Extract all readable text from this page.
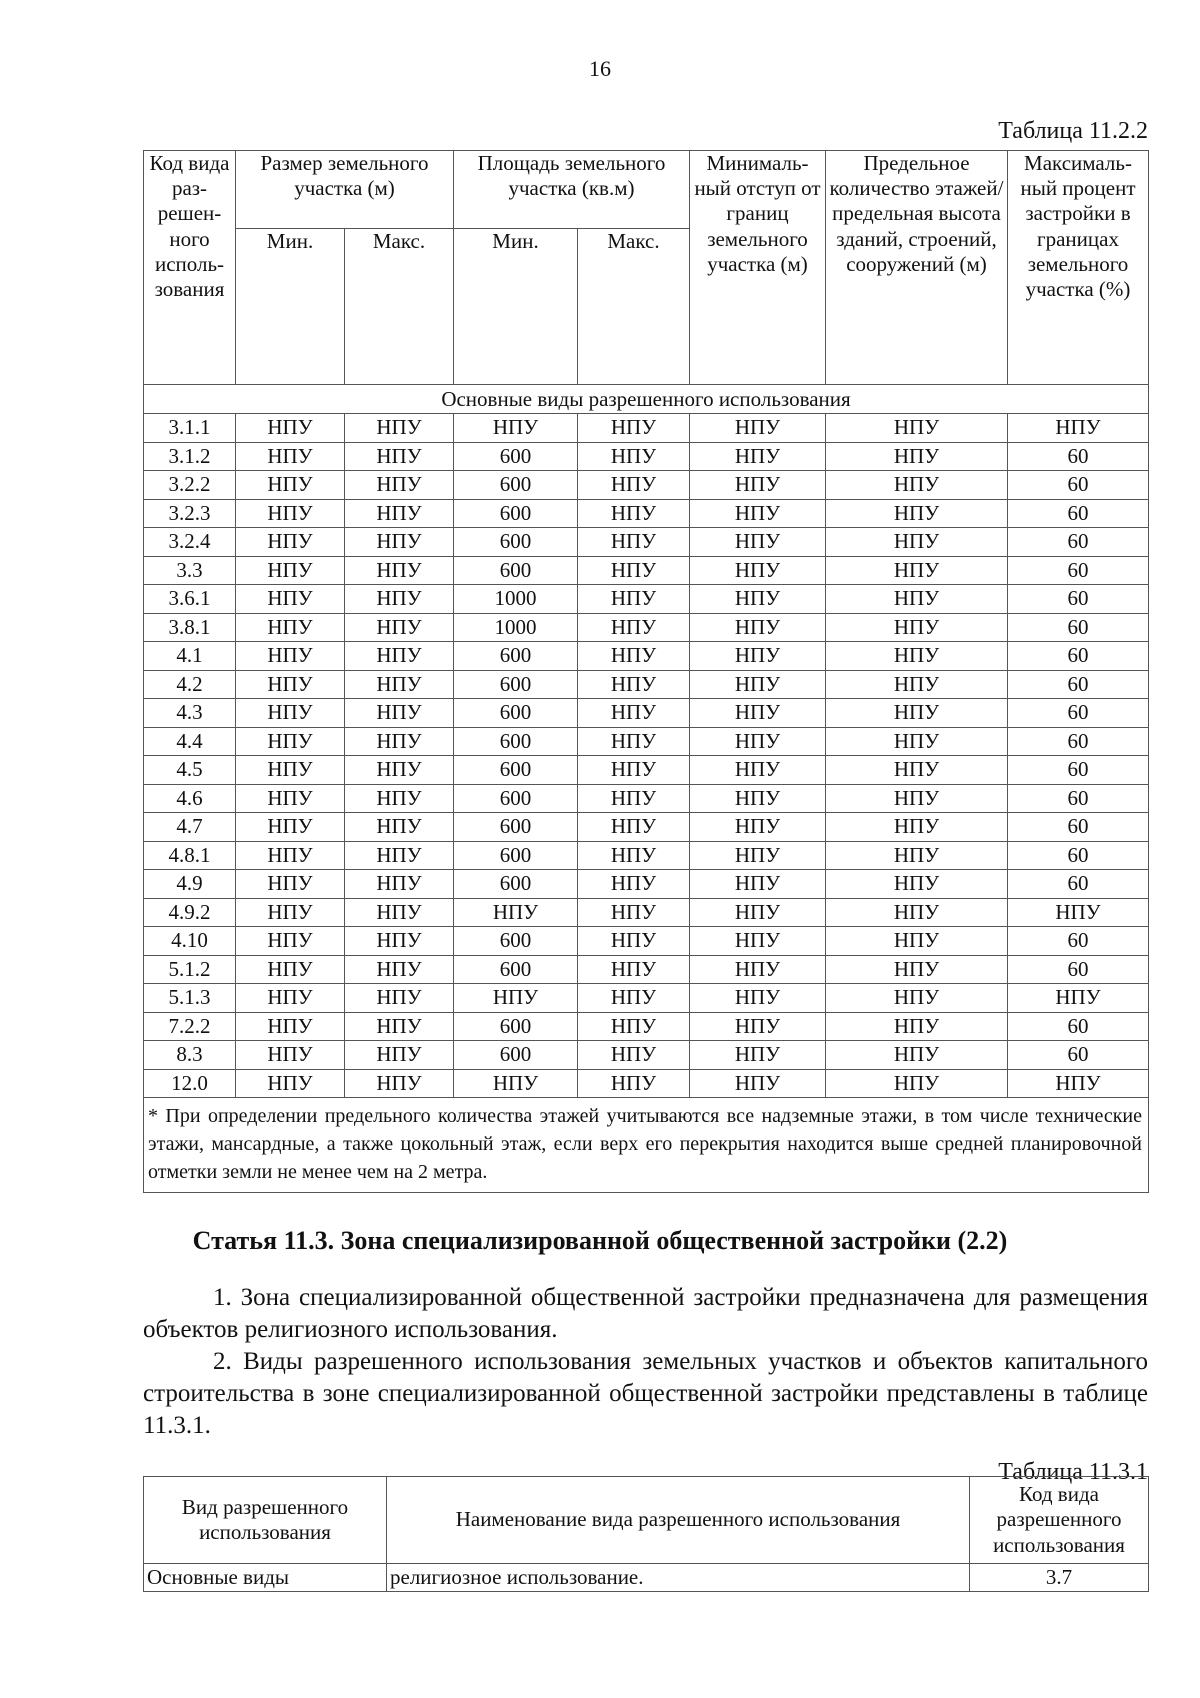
16
Таблица 11.2.2
Код вида раз-решен-ного исполь-зования	Размер земельного участка (м)		Площадь земельного участка (кв.м)		Минималь-ный отступ от границ земельного участка (м)	Предельное количество этажей/ предельная высота зданий, строений, сооружений (м)	Максималь-ный процент застройки в границах земельного участка (%)
	Мин.	Макс.	Мин.	Макс.			
Основные виды разрешенного использования							
3.1.1	НПУ	НПУ	НПУ	НПУ	НПУ	НПУ	НПУ
3.1.2	НПУ	НПУ	600	НПУ	НПУ	НПУ	60
3.2.2	НПУ	НПУ	600	НПУ	НПУ	НПУ	60
3.2.3	НПУ	НПУ	600	НПУ	НПУ	НПУ	60
3.2.4	НПУ	НПУ	600	НПУ	НПУ	НПУ	60
3.3	НПУ	НПУ	600	НПУ	НПУ	НПУ	60
3.6.1	НПУ	НПУ	1000	НПУ	НПУ	НПУ	60
3.8.1	НПУ	НПУ	1000	НПУ	НПУ	НПУ	60
4.1	НПУ	НПУ	600	НПУ	НПУ	НПУ	60
4.2	НПУ	НПУ	600	НПУ	НПУ	НПУ	60
4.3	НПУ	НПУ	600	НПУ	НПУ	НПУ	60
4.4	НПУ	НПУ	600	НПУ	НПУ	НПУ	60
4.5	НПУ	НПУ	600	НПУ	НПУ	НПУ	60
4.6	НПУ	НПУ	600	НПУ	НПУ	НПУ	60
4.7	НПУ	НПУ	600	НПУ	НПУ	НПУ	60
4.8.1	НПУ	НПУ	600	НПУ	НПУ	НПУ	60
4.9	НПУ	НПУ	600	НПУ	НПУ	НПУ	60
4.9.2	НПУ	НПУ	НПУ	НПУ	НПУ	НПУ	НПУ
4.10	НПУ	НПУ	600	НПУ	НПУ	НПУ	60
5.1.2	НПУ	НПУ	600	НПУ	НПУ	НПУ	60
5.1.3	НПУ	НПУ	НПУ	НПУ	НПУ	НПУ	НПУ
7.2.2	НПУ	НПУ	600	НПУ	НПУ	НПУ	60
8.3	НПУ	НПУ	600	НПУ	НПУ	НПУ	60
12.0	НПУ	НПУ	НПУ	НПУ	НПУ	НПУ	НПУ
* При определении предельного количества этажей учитываются все надземные этажи, в том числе технические этажи, мансардные, а также цокольный этаж, если верх его перекрытия находится выше средней планировочной отметки земли не менее чем на 2 метра.							
Статья 11.3. Зона специализированной общественной застройки (2.2)
1. Зона специализированной общественной застройки предназначена для размещения объектов религиозного использования.
2. Виды разрешенного использования земельных участков и объектов капитального строительства в зоне специализированной общественной застройки представлены в таблице 11.3.1.
Таблица 11.3.1
Вид разрешенного использования	Наименование вида разрешенного использования	Код вида разрешенного использования
Основные виды	религиозное использование.	3.7
